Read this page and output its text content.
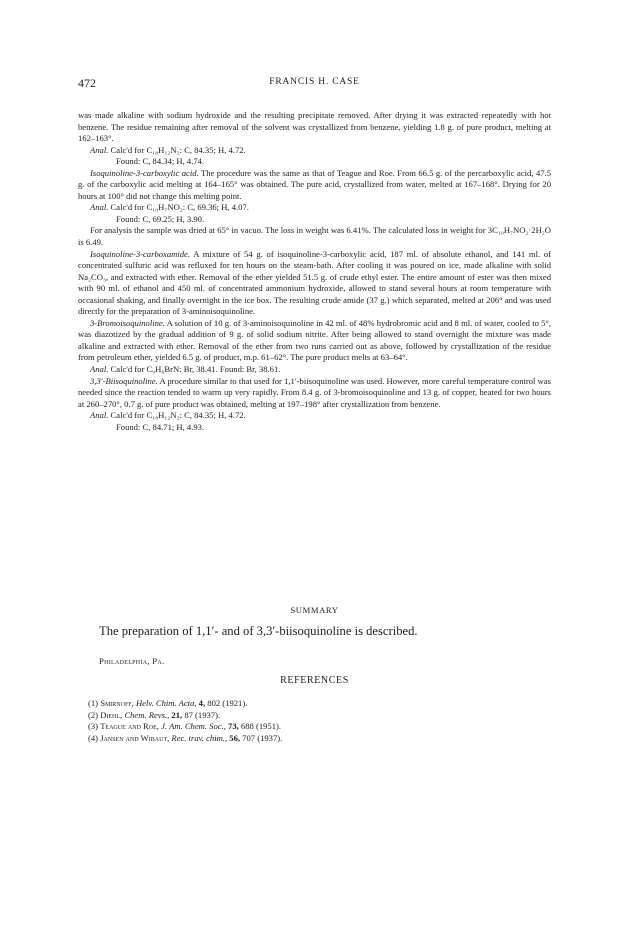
472	FRANCIS H. CASE

was made alkaline with sodium hydroxide and the resulting precipitate removed. After drying it was extracted repeatedly with hot benzene. The residue remaining after removal of the solvent was crystallized from benzene, yielding 1.8 g. of pure product, melting at 162–163°.

Anal. Calc'd for C₁₈H₁₂N₂: C, 84.35; H, 4.72.

Found: C, 84.34; H, 4.74.

Isoquinoline-3-carboxylic acid. The procedure was the same as that of Teague and Roe. From 66.5 g. of the percarboxylic acid, 47.5 g. of the carboxylic acid melting at 164–165° was obtained. The pure acid, crystallized from water, melted at 167–168°. Drying for 20 hours at 100° did not change this melting point.

Anal. Calc'd for C₁₀H₇NO₂: C, 69.36; H, 4.07.

Found: C, 69.25; H, 3.90.

For analysis the sample was dried at 65° in vacuo. The loss in weight was 6.41%. The calculated loss in weight for 3C₁₀H₇NO₂·2H₂O is 6.49.

Isoquinoline-3-carboxamide. A mixture of 54 g. of isoquinoline-3-carboxylic acid, 187 ml. of absolute ethanol, and 141 ml. of concentrated sulfuric acid was refluxed for ten hours on the steam-bath. After cooling it was poured on ice, made alkaline with solid Na₂CO₃, and extracted with ether. Removal of the ether yielded 51.5 g. of crude ethyl ester. The entire amount of ester was then mixed with 90 ml. of ethanol and 450 ml. of concentrated ammonium hydroxide, allowed to stand several hours at room temperature with occasional shaking, and finally overnight in the ice box. The resulting crude amide (37 g.) which separated, melted at 206° and was used directly for the preparation of 3-aminoisoquinoline.

3-Bromoisoquinoline. A solution of 10 g. of 3-aminoisoquinoline in 42 ml. of 48% hydrobromic acid and 8 ml. of water, cooled to 5°, was diazotized by the gradual addition of 9 g. of solid sodium nitrite. After being allowed to stand overnight the mixture was made alkaline and extracted with ether. Removal of the ether from two runs carried out as above, followed by crystallization of the residue from petroleum ether, yielded 6.5 g. of product, m.p. 61–62°. The pure product melts at 63–64°.

Anal. Calc'd for C₉H₆BrN: Br, 38.41. Found: Br, 38.61.

3,3′-Biisoquinoline. A procedure similar to that used for 1,1′-biisoquinoline was used. However, more careful temperature control was needed since the reaction tended to warm up very rapidly. From 8.4 g. of 3-bromoisoquinoline and 13 g. of copper, heated for two hours at 260–270°, 0.7 g. of pure product was obtained, melting at 197–198° after crystallization from benzene.

Anal. Calc'd for C₁₈H₁₂N₂: C, 84.35; H, 4.72.

Found: C, 84.71; H, 4.93.

SUMMARY
The preparation of 1,1′- and of 3,3′-biisoquinoline is described.
Philadelphia, Pa.
REFERENCES
(1) Smirnoff, Helv. Chim. Acta, 4, 802 (1921).
(2) Diehl, Chem. Revs., 21, 87 (1937).
(3) Teague and Roe, J. Am. Chem. Soc., 73, 688 (1951).
(4) Jansen and Wibaut, Rec. trav. chim., 56, 707 (1937).
